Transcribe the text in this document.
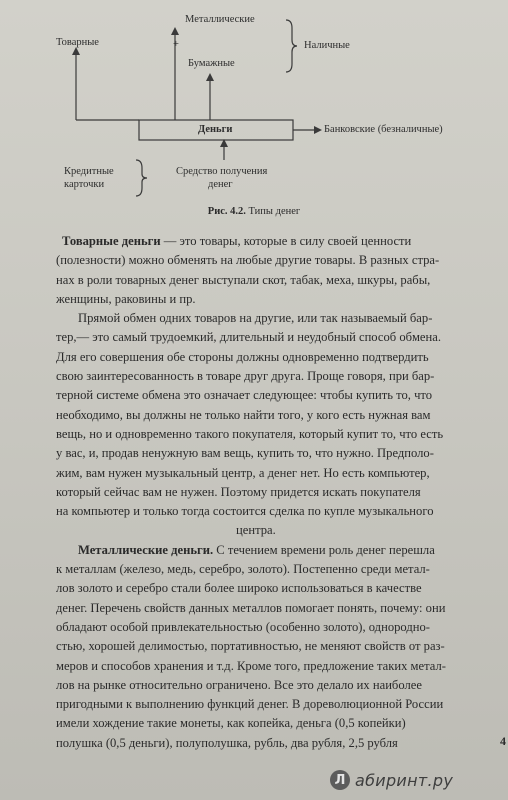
Металлические
+
Бумажные
Товарные	Наличные
Деньги	Банковские (безналичные)
Кредитные
карточки
Средство получения
денег
Рис. 4.2. Типы денег
Товарные деньги — это товары, которые в силу своей ценности
(полезности) можно обменять на любые другие товары. В разных стра-
нах в роли товарных денег выступали скот, табак, меха, шкуры, рабы,
женщины, раковины и пр.
Прямой обмен одних товаров на другие, или так называемый бар-
тер,— это самый трудоемкий, длительный и неудобный способ обмена.
Для его совершения обе стороны должны одновременно подтвердить
свою заинтересованность в товаре друг друга. Проще говоря, при бар-
терной системе обмена это означает следующее: чтобы купить то, что
необходимо, вы должны не только найти того, у кого есть нужная вам
вещь, но и одновременно такого покупателя, который купит то, что есть
у вас, и, продав ненужную вам вещь, купить то, что нужно. Предполо-
жим, вам нужен музыкальный центр, а денег нет. Но есть компьютер,
который сейчас вам не нужен. Поэтому придется искать покупателя
на компьютер и только тогда состоится сделка по купле музыкального
центра.
Металлические деньги. С течением времени роль денег перешла
к металлам (железо, медь, серебро, золото). Постепенно среди метал-
лов золото и серебро стали более широко использоваться в качестве
денег. Перечень свойств данных металлов помогает понять, почему: они
обладают особой привлекательностью (особенно золото), однородно-
стью, хорошей делимостью, портативностью, не меняют свойств от раз-
меров и способов хранения и т.д. Кроме того, предложение таких метал-
лов на рынке относительно ограничено. Все это делало их наиболее
пригодными к выполнению функций денег. В дореволюционной России
имели хождение такие монеты, как копейка, деньга (0,5 копейки)
полушка (0,5 деньги), полуполушка, рубль, два рубля, 2,5 рубля	4
Л абиринт.ру
